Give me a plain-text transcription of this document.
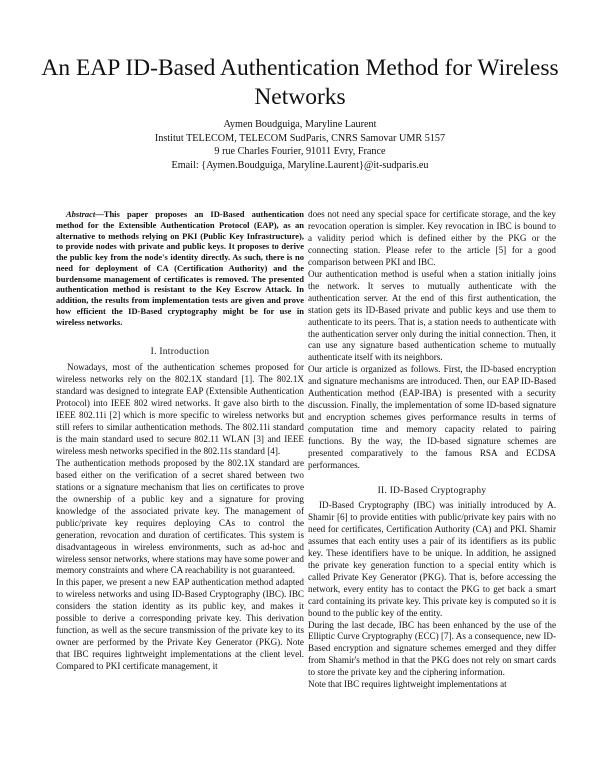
An EAP ID-Based Authentication Method for Wireless Networks
Aymen Boudguiga, Maryline Laurent
Institut TELECOM, TELECOM SudParis, CNRS Samovar UMR 5157
9 rue Charles Fourier, 91011 Evry, France
Email: {Aymen.Boudguiga, Maryline.Laurent}@it-sudparis.eu

Abstract—This paper proposes an ID-Based authentication method for the Extensible Authentication Protocol (EAP), as an alternative to methods relying on PKI (Public Key Infrastructure), to provide nodes with private and public keys. It proposes to derive the public key from the node's identity directly. As such, there is no need for deployment of CA (Certification Authority) and the burdensome management of certificates is removed. The presented authentication method is resistant to the Key Escrow Attack. In addition, the results from implementation tests are given and prove how efficient the ID-Based cryptography might be for use in wireless networks.

I. Introduction

Nowadays, most of the authentication schemes proposed for wireless networks rely on the 802.1X standard [1]. The 802.1X standard was designed to integrate EAP (Extensible Authentication Protocol) into IEEE 802 wired networks. It gave also birth to the IEEE 802.11i [2] which is more specific to wireless networks but still refers to similar authentication methods. The 802.11i standard is the main standard used to secure 802.11 WLAN [3] and IEEE wireless mesh networks specified in the 802.11s standard [4].

The authentication methods proposed by the 802.1X standard are based either on the verification of a secret shared between two stations or a signature mechanism that lies on certificates to prove the ownership of a public key and a signature for proving knowledge of the associated private key. The management of public/private key requires deploying CAs to control the generation, revocation and duration of certificates. This system is disadvantageous in wireless environments, such as ad-hoc and wireless sensor networks, where stations may have some power and memory constraints and where CA reachability is not guaranteed.

In this paper, we present a new EAP authentication method adapted to wireless networks and using ID-Based Cryptography (IBC). IBC considers the station identity as its public key, and makes it possible to derive a corresponding private key. This derivation function, as well as the secure transmission of the private key to its owner are performed by the Private Key Generator (PKG). Note that IBC requires lightweight implementations at the client level. Compared to PKI certificate management, it

does not need any special space for certificate storage, and the key revocation operation is simpler. Key revocation in IBC is bound to a validity period which is defined either by the PKG or the connecting station. Please refer to the article [5] for a good comparison between PKI and IBC.

Our authentication method is useful when a station initially joins the network. It serves to mutually authenticate with the authentication server. At the end of this first authentication, the station gets its ID-Based private and public keys and use them to authenticate to its peers. That is, a station needs to authenticate with the authentication server only during the initial connection. Then, it can use any signature based authentication scheme to mutually authenticate itself with its neighbors.

Our article is organized as follows. First, the ID-based encryption and signature mechanisms are introduced. Then, our EAP ID-Based Authentication method (EAP-IBA) is presented with a security discussion. Finally, the implementation of some ID-based signature and encryption schemes gives performance results in terms of computation time and memory capacity related to pairing functions. By the way, the ID-based signature schemes are presented comparatively to the famous RSA and ECDSA performances.

II. ID-Based Cryptography

ID-Based Cryptography (IBC) was initially introduced by A. Shamir [6] to provide entities with public/private key pairs with no need for certificates, Certification Authority (CA) and PKI. Shamir assumes that each entity uses a pair of its identifiers as its public key. These identifiers have to be unique. In addition, he assigned the private key generation function to a special entity which is called Private Key Generator (PKG). That is, before accessing the network, every entity has to contact the PKG to get back a smart card containing its private key. This private key is computed so it is bound to the public key of the entity.

During the last decade, IBC has been enhanced by the use of the Elliptic Curve Cryptography (ECC) [7]. As a consequence, new ID-Based encryption and signature schemes emerged and they differ from Shamir's method in that the PKG does not rely on smart cards to store the private key and the ciphering information.

Note that IBC requires lightweight implementations at
